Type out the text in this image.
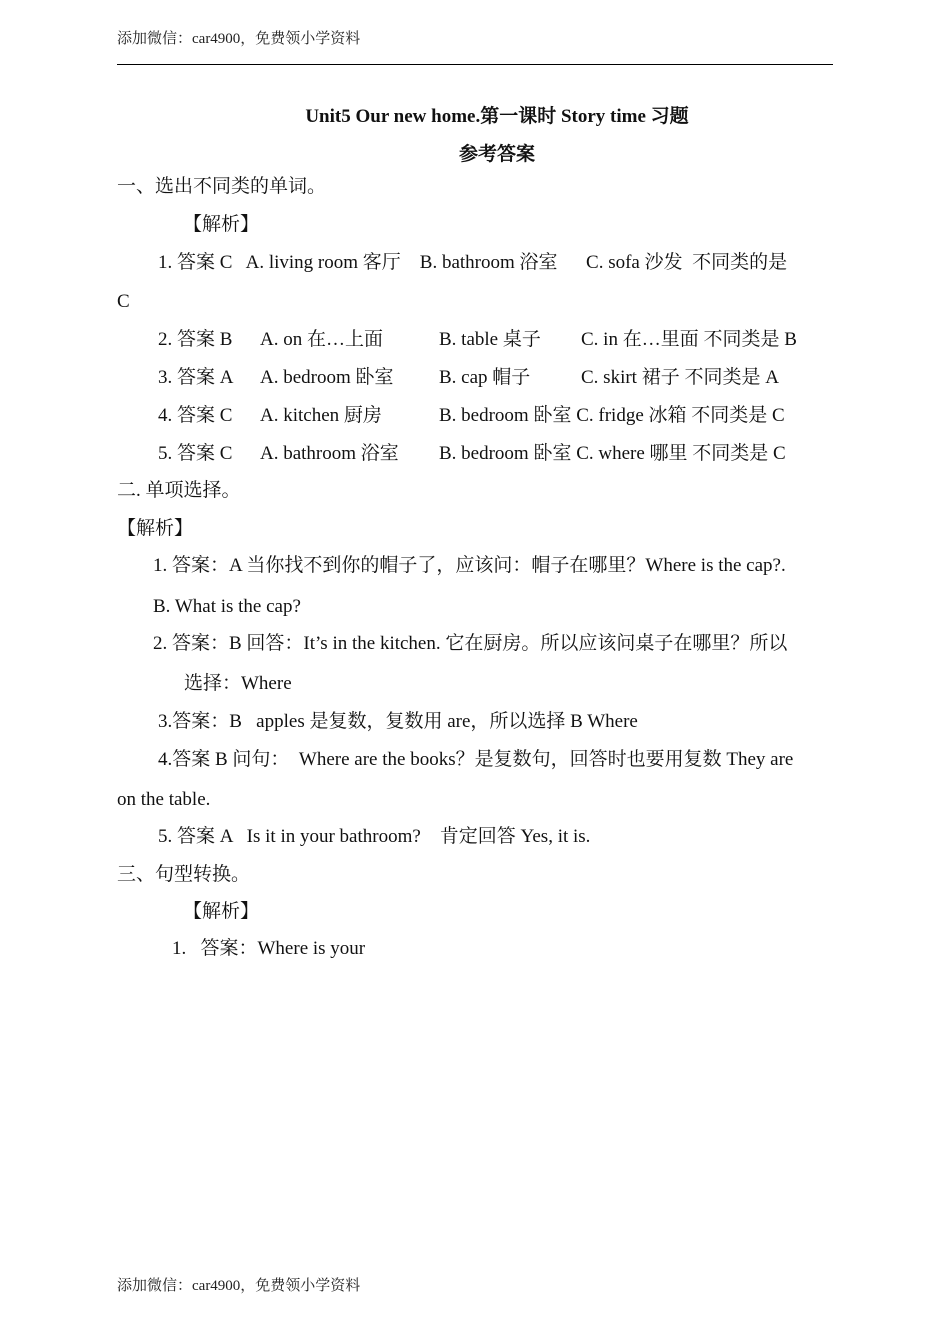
添加微信：car4900，免费领小学资料
Unit5 Our new home.第一课时 Story time 习题
参考答案
一、选出不同类的单词。
【解析】
1. 答案 C   A. living room 客厅    B. bathroom 浴室      C. sofa 沙发  不同类的是
C
2. 答案 B A. on 在…上面	B. table 桌子 C. in 在…里面 不同类是 B
3. 答案 A A. bedroom 卧室 B. cap 帽子	C. skirt 裙子 不同类是 A
4. 答案 C A. kitchen 厨房	B. bedroom 卧室 C. fridge 冰箱 不同类是 C
5. 答案 C A. bathroom 浴室 B. bedroom 卧室 C. where 哪里 不同类是 C
二. 单项选择。
【解析】
1. 答案：A 当你找不到你的帽子了，应该问：帽子在哪里？Where is the cap?.
B. What is the cap?
2. 答案：B 回答：It’s in the kitchen. 它在厨房。所以应该问桌子在哪里？所以
选择：Where
3.答案：B   apples 是复数，复数用 are，所以选择 B Where
4.答案 B 问句：  Where are the books？是复数句，回答时也要用复数 They are
on the table.
5. 答案 A   Is it in your bathroom?    肯定回答 Yes, it is.
三、句型转换。
【解析】
1.   答案：Where is your
添加微信：car4900，免费领小学资料
